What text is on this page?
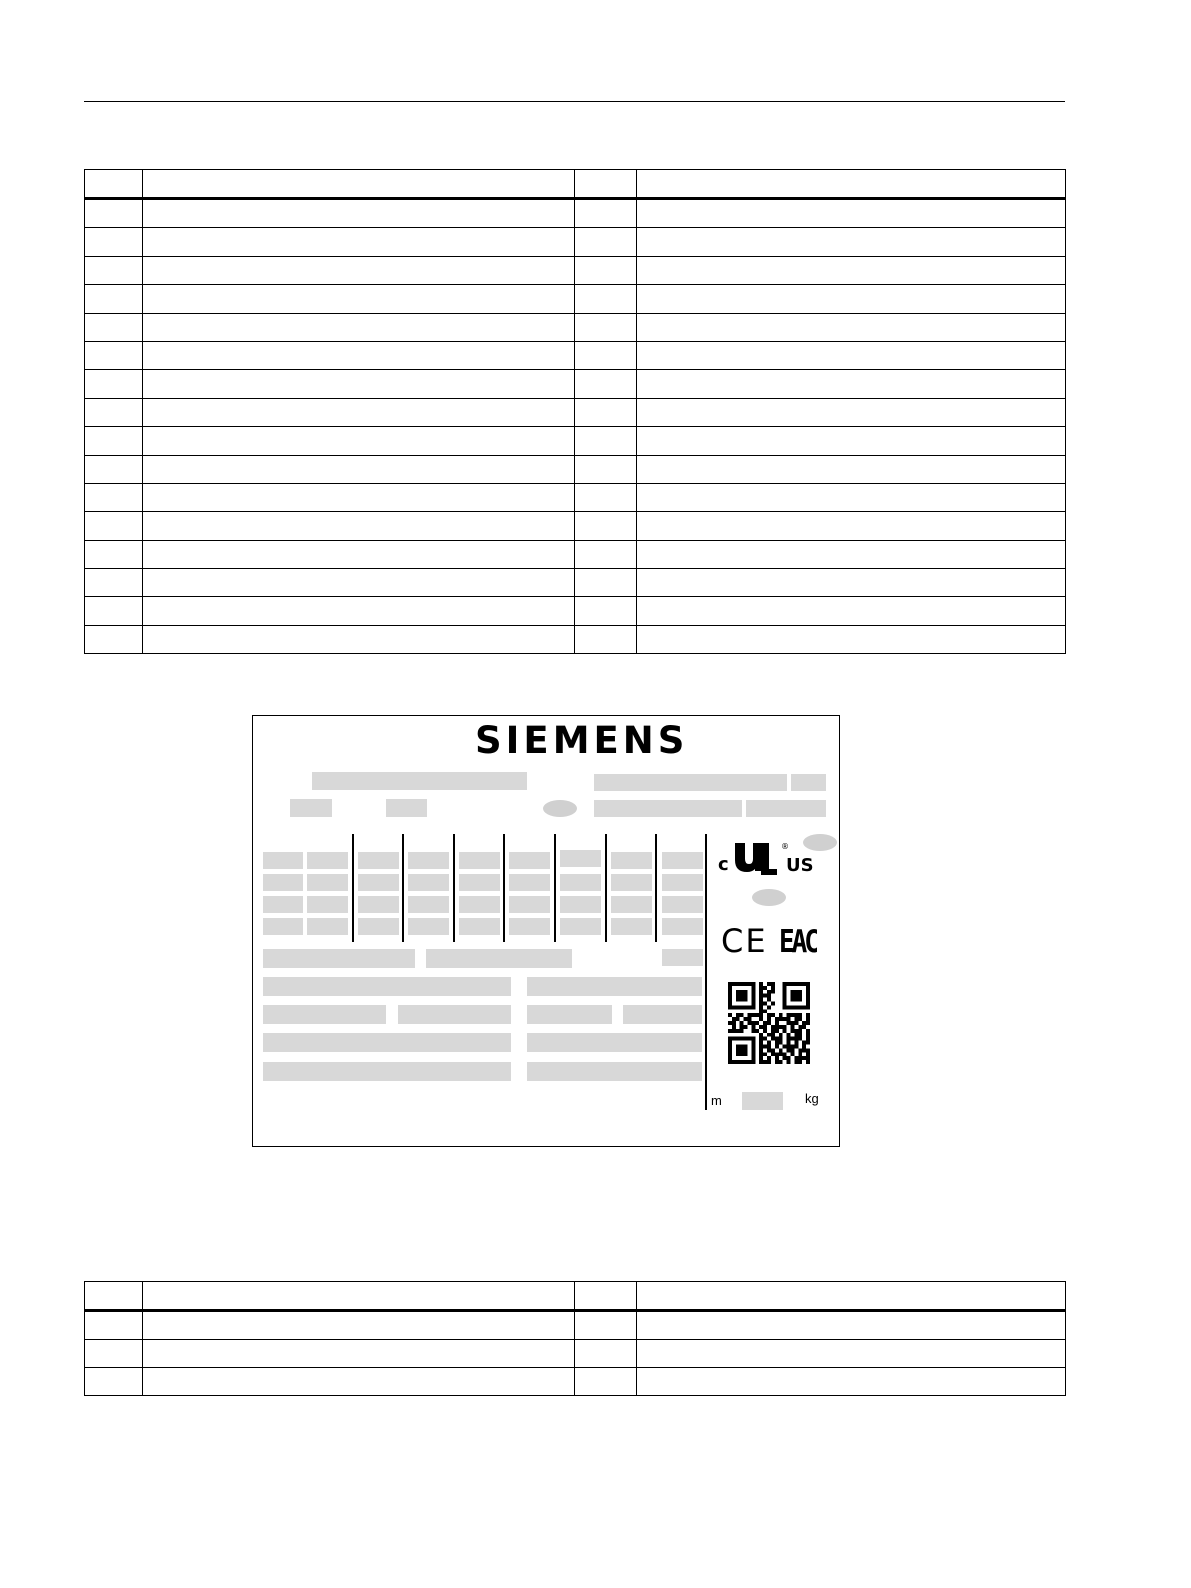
SIEMENS
c
®
US
CE EAC
m	kg
